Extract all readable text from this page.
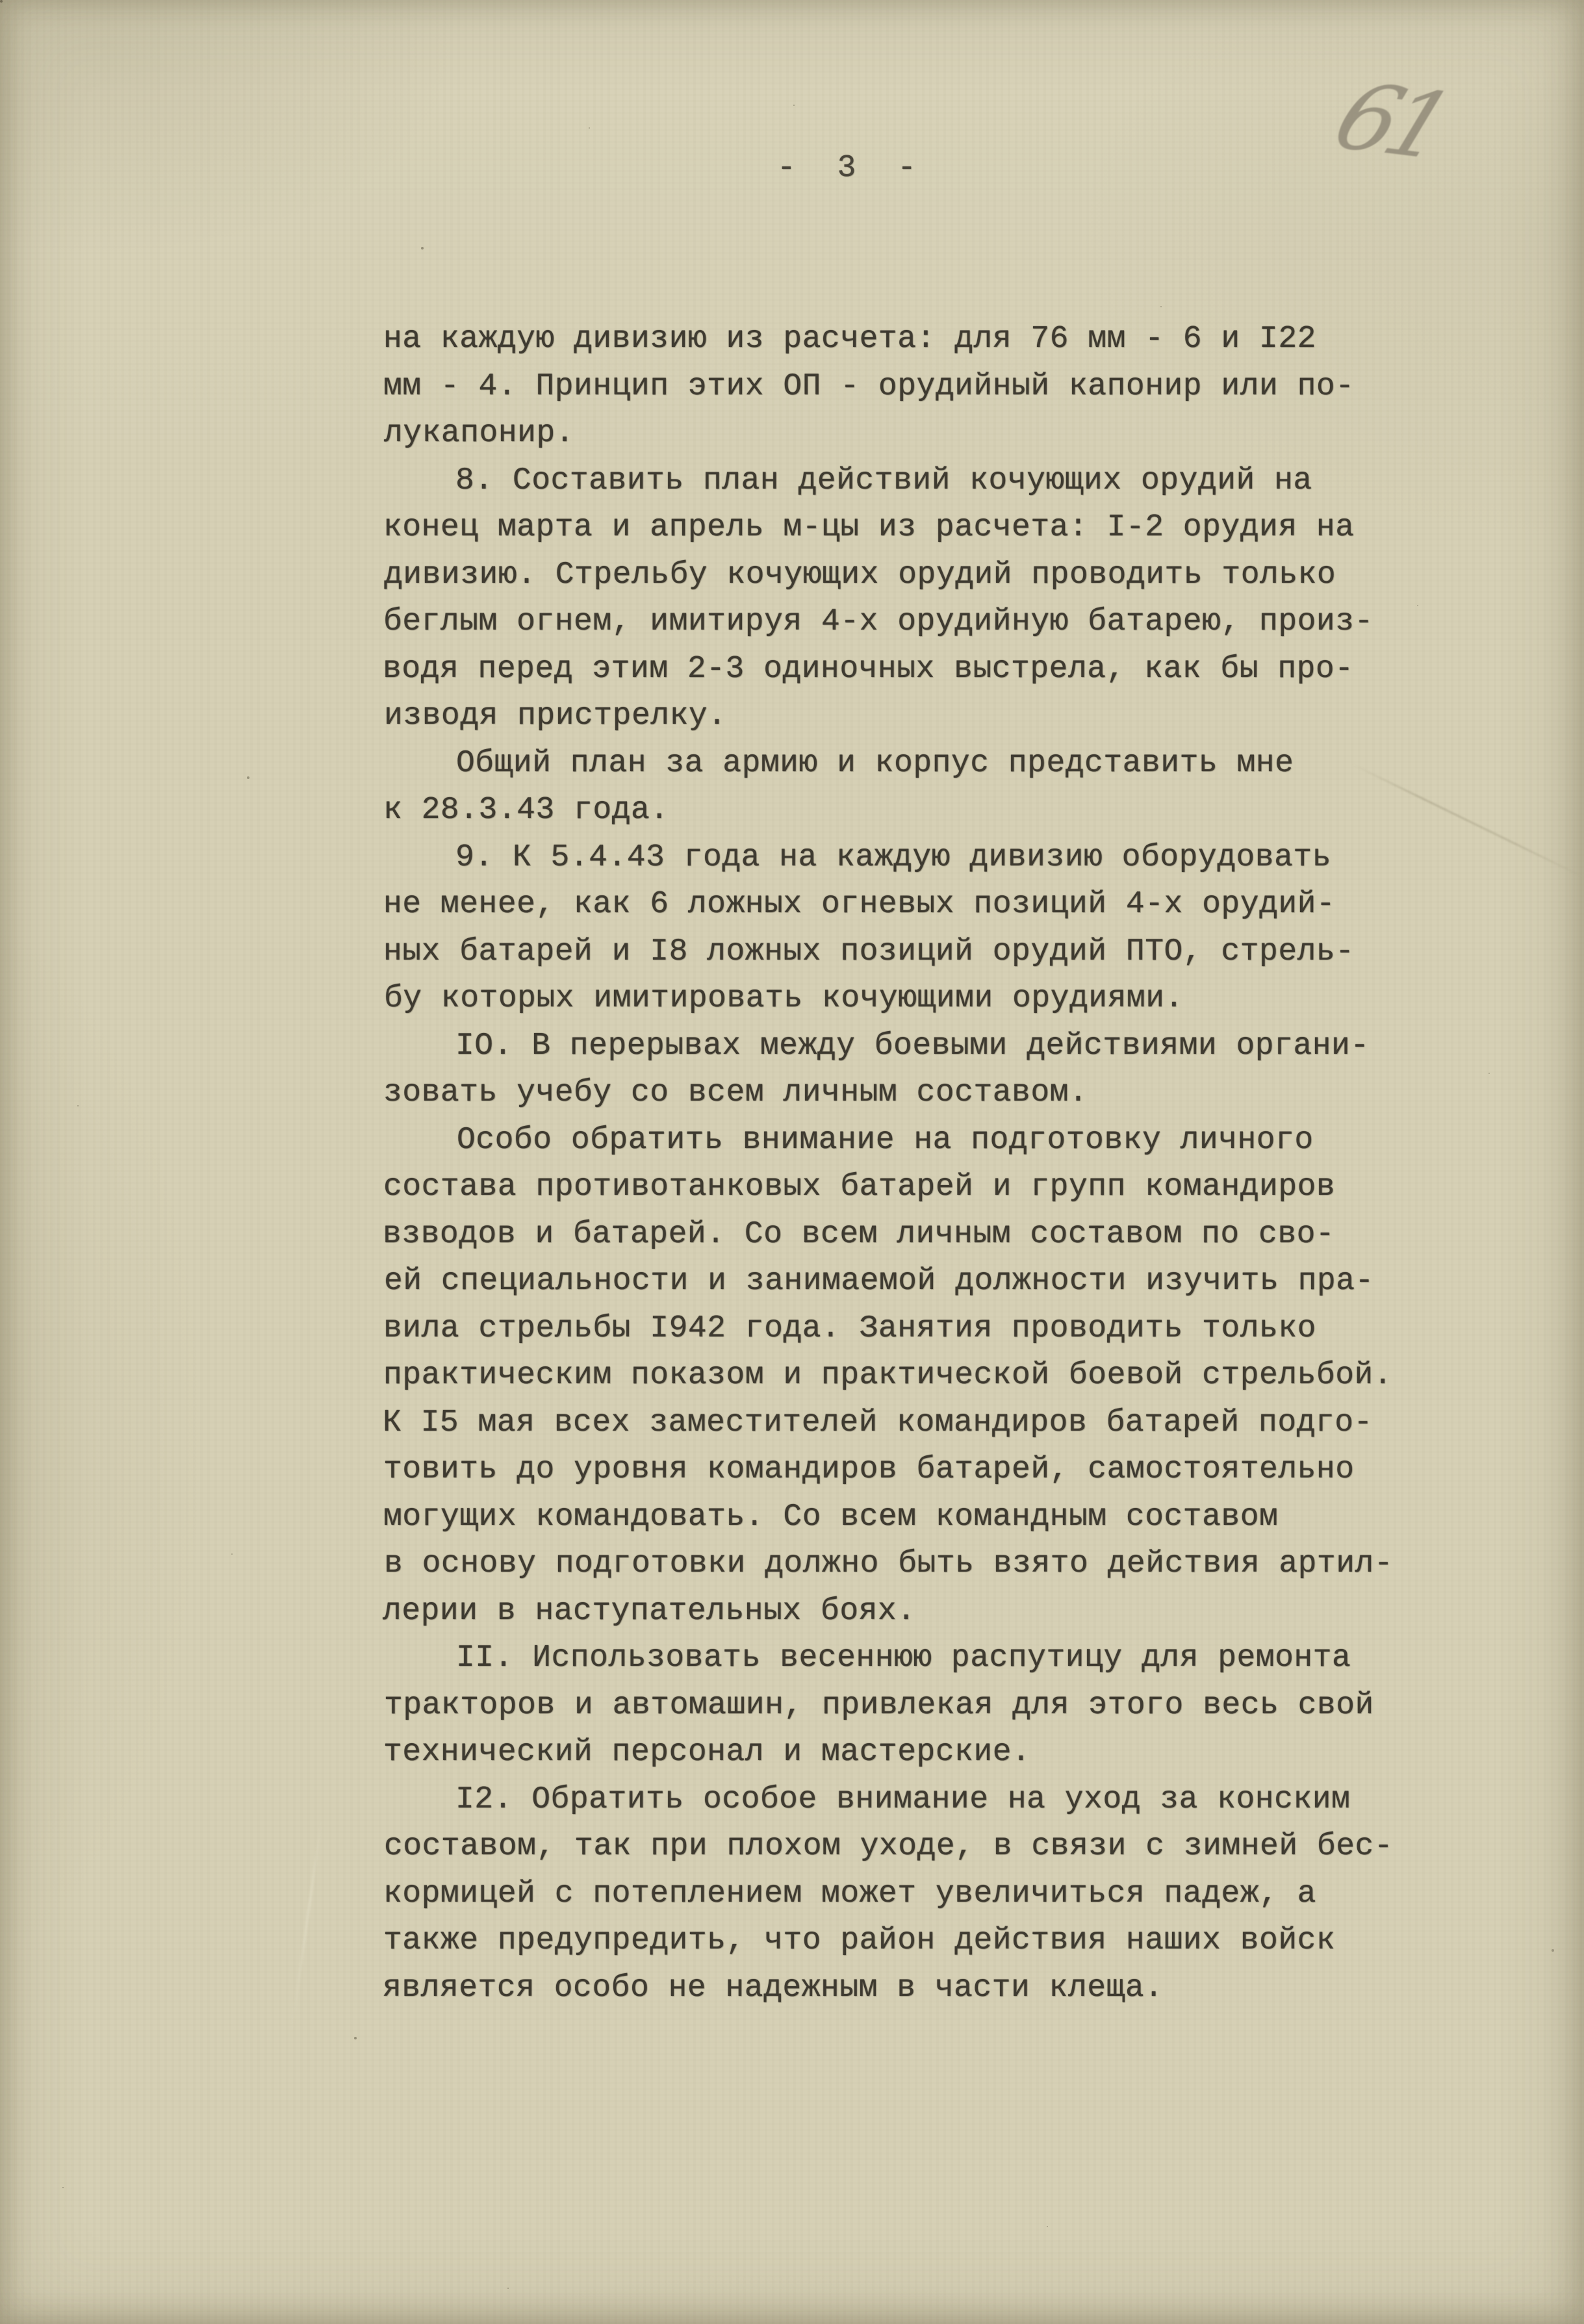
- 3 -	61
на каждую дивизию из расчета: для 76 мм - 6 и I22
мм - 4. Принцип этих ОП - орудийный капонир или по-
лукапонир.
8. Составить план действий кочующих орудий на
конец марта и апрель м-цы из расчета: I-2 орудия на
дивизию. Стрельбу кочующих орудий проводить только
беглым огнем, имитируя 4-х орудийную батарею, произ-
водя перед этим 2-3 одиночных выстрела, как бы про-
изводя пристрелку.
Общий план за армию и корпус представить мне
к 28.3.43 года.
9. К 5.4.43 года на каждую дивизию оборудовать
не менее, как 6 ложных огневых позиций 4-х орудий-
ных батарей и I8 ложных позиций орудий ПТО, стрель-
бу которых имитировать кочующими орудиями.
IO. В перерывах между боевыми действиями органи-
зовать учебу со всем личным составом.
Особо обратить внимание на подготовку личного
состава противотанковых батарей и групп командиров
взводов и батарей. Со всем личным составом по сво-
ей специальности и занимаемой должности изучить пра-
вила стрельбы I942 года. Занятия проводить только
практическим показом и практической боевой стрельбой.
К I5 мая всех заместителей командиров батарей подго-
товить до уровня командиров батарей, самостоятельно
могущих командовать. Со всем командным составом
в основу подготовки должно быть взято действия артил-
лерии в наступательных боях.
II. Использовать весеннюю распутицу для ремонта
тракторов и автомашин, привлекая для этого весь свой
технический персонал и мастерские.
I2. Обратить особое внимание на уход за конским
составом, так при плохом уходе, в связи с зимней бес-
кормицей с потеплением может увеличиться падеж, а
также предупредить, что район действия наших войск
является особо не надежным в части клеща.
